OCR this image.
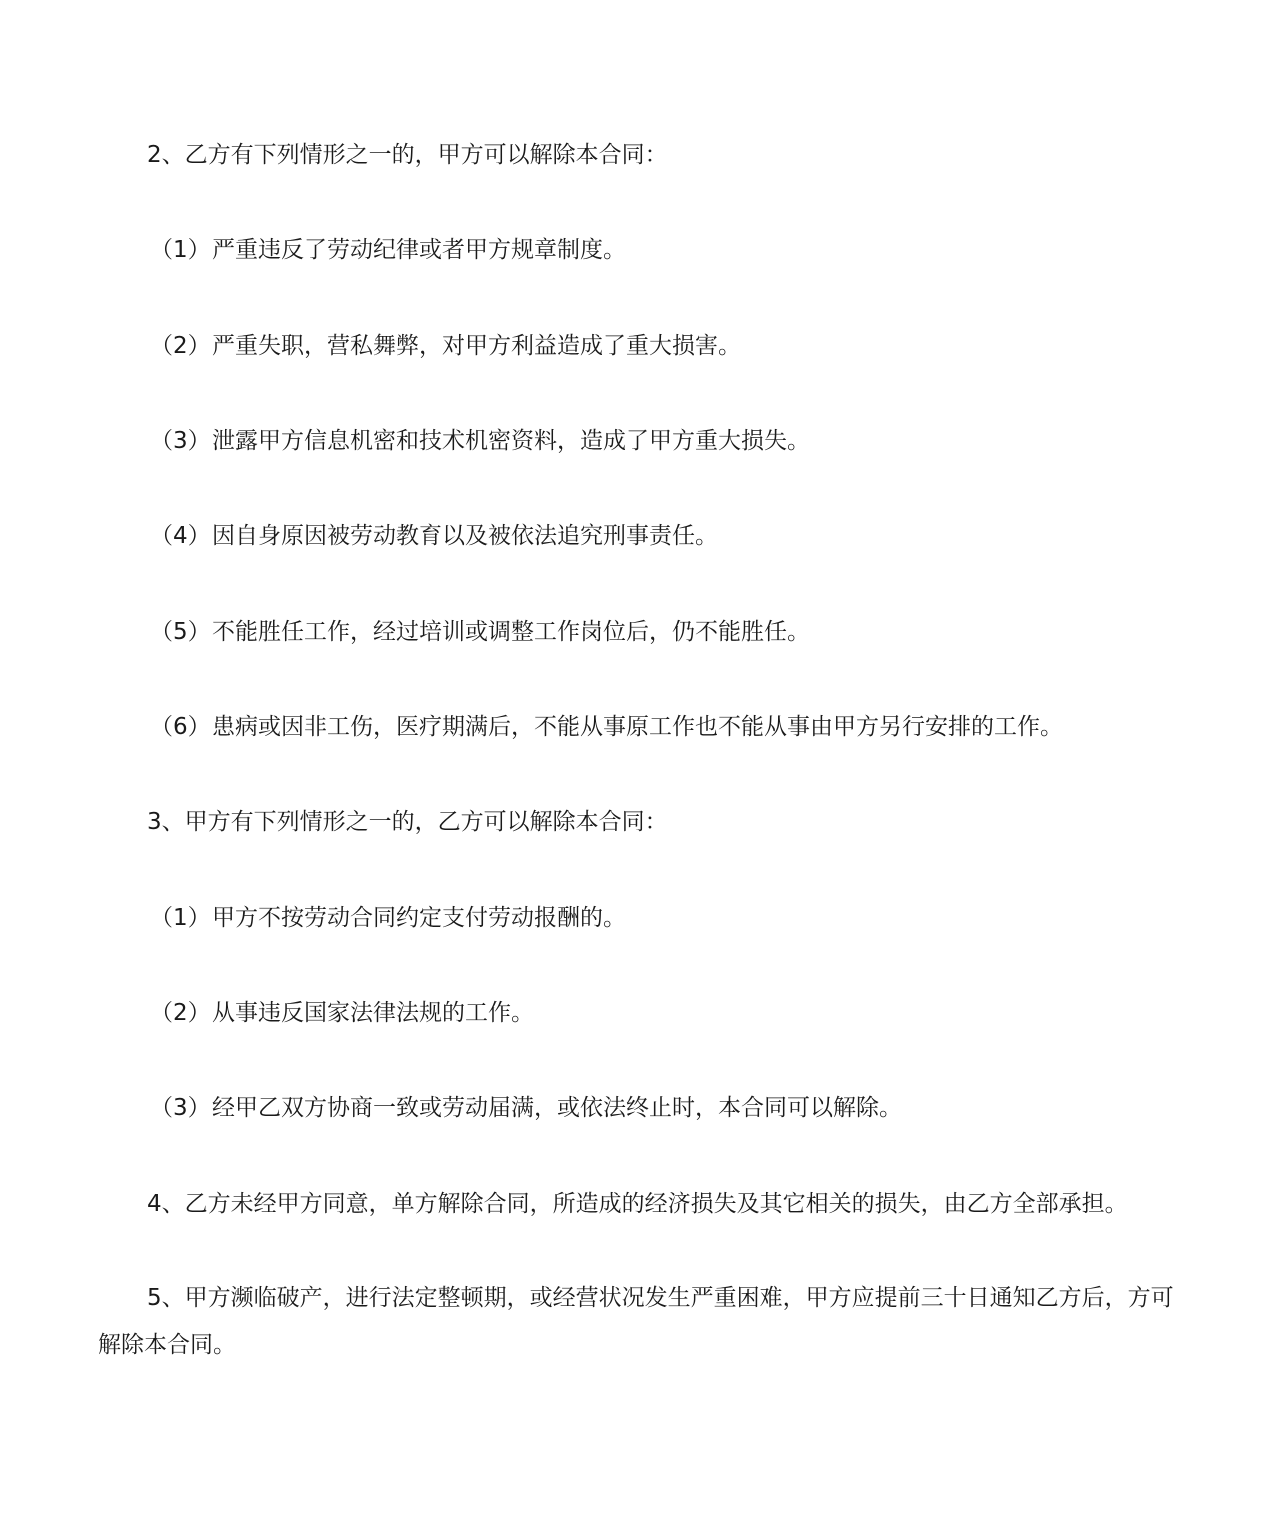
2、乙方有下列情形之一的，甲方可以解除本合同：
（1）严重违反了劳动纪律或者甲方规章制度。
（2）严重失职，营私舞弊，对甲方利益造成了重大损害。
（3）泄露甲方信息机密和技术机密资料，造成了甲方重大损失。
（4）因自身原因被劳动教育以及被依法追究刑事责任。
（5）不能胜任工作，经过培训或调整工作岗位后，仍不能胜任。
（6）患病或因非工伤，医疗期满后，不能从事原工作也不能从事由甲方另行安排的工作。
3、甲方有下列情形之一的，乙方可以解除本合同：
（1）甲方不按劳动合同约定支付劳动报酬的。
（2）从事违反国家法律法规的工作。
（3）经甲乙双方协商一致或劳动届满，或依法终止时，本合同可以解除。
4、乙方未经甲方同意，单方解除合同，所造成的经济损失及其它相关的损失，由乙方全部承担。
5、甲方濒临破产，进行法定整顿期，或经营状况发生严重困难，甲方应提前三十日通知乙方后，方可解除本合同。
